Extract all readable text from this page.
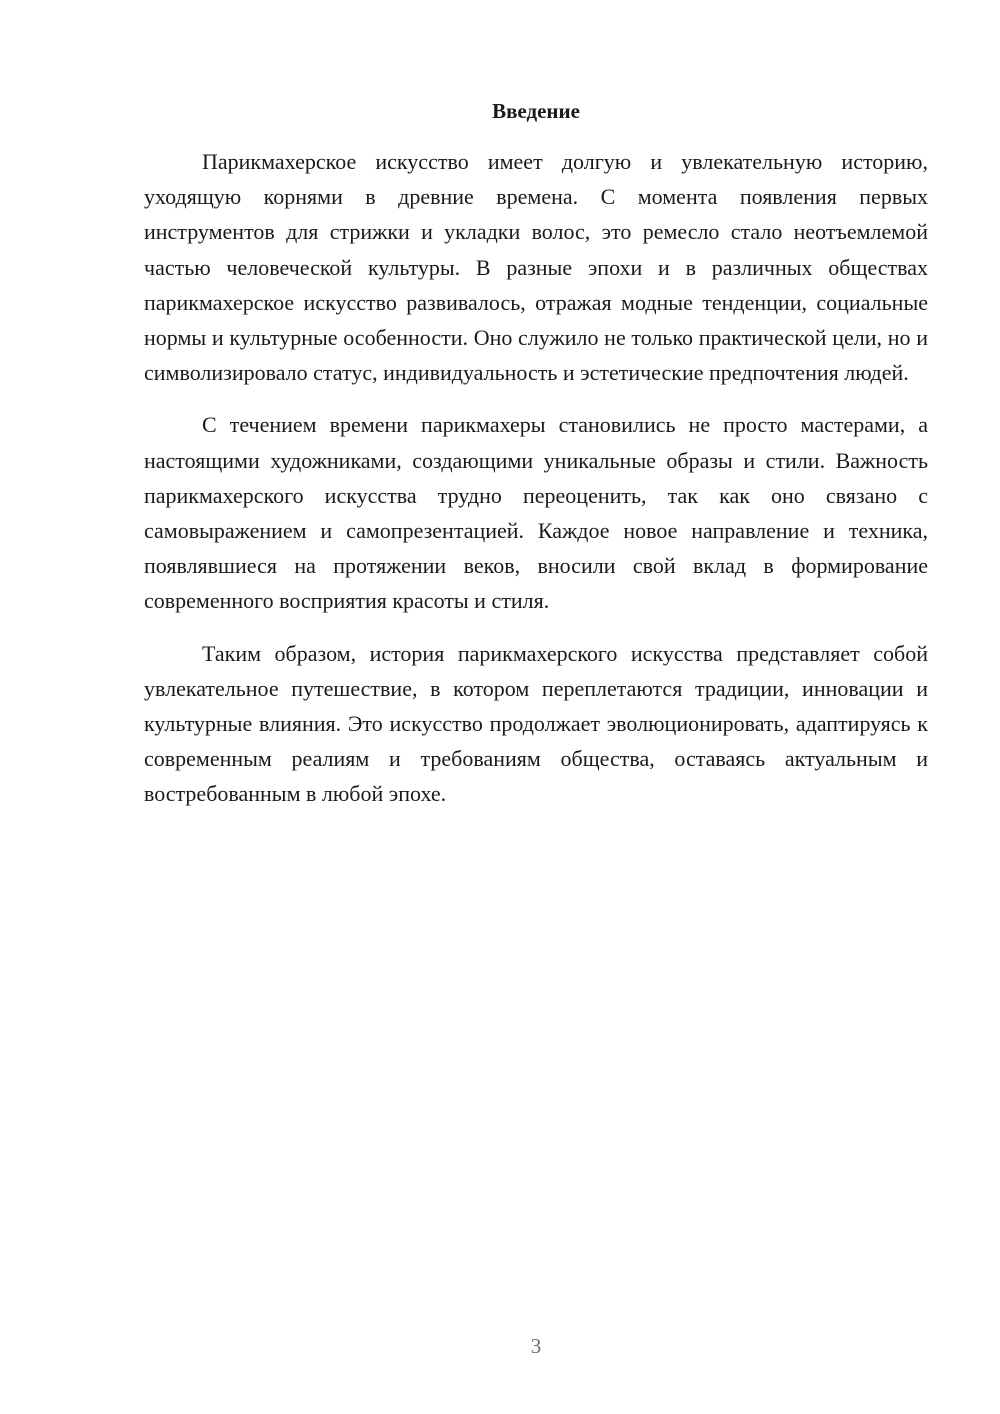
Введение

Парикмахерское искусство имеет долгую и увлекательную историю, уходящую корнями в древние времена. С момента появления первых инструментов для стрижки и укладки волос, это ремесло стало неотъемлемой частью человеческой культуры. В разные эпохи и в различных обществах парикмахерское искусство развивалось, отражая модные тенденции, социальные нормы и культурные особенности. Оно служило не только практической цели, но и символизировало статус, индивидуальность и эстетические предпочтения людей.

С течением времени парикмахеры становились не просто мастерами, а настоящими художниками, создающими уникальные образы и стили. Важность парикмахерского искусства трудно переоценить, так как оно связано с самовыражением и самопрезентацией. Каждое новое направление и техника, появлявшиеся на протяжении веков, вносили свой вклад в формирование современного восприятия красоты и стиля.

Таким образом, история парикмахерского искусства представляет собой увлекательное путешествие, в котором переплетаются традиции, инновации и культурные влияния. Это искусство продолжает эволюционировать, адаптируясь к современным реалиям и требованиям общества, оставаясь актуальным и востребованным в любой эпохе.

3
